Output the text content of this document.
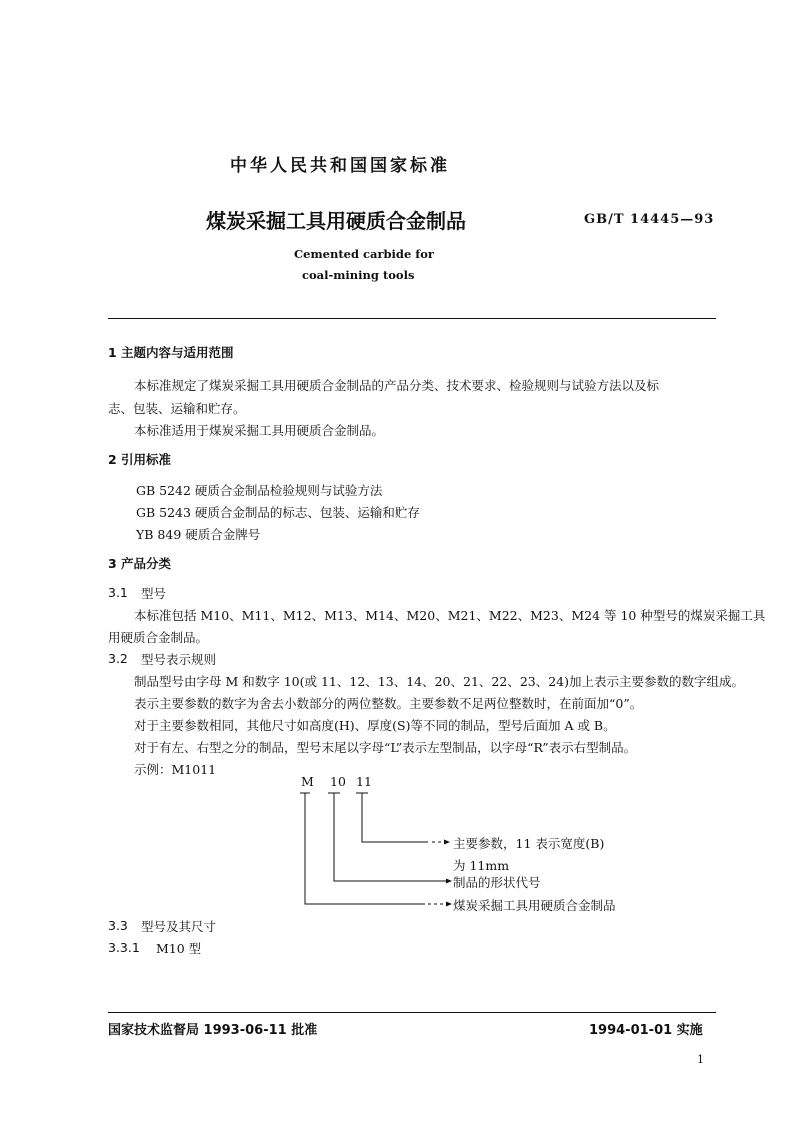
中华人民共和国国家标准
煤炭采掘工具用硬质合金制品	GB/T 14445—93
Cemented carbide for
coal-mining tools
1 主题内容与适用范围
本标准规定了煤炭采掘工具用硬质合金制品的产品分类、技术要求、检验规则与试验方法以及标
志、包装、运输和贮存。
本标准适用于煤炭采掘工具用硬质合金制品。
2 引用标准
GB 5242 硬质合金制品检验规则与试验方法
GB 5243 硬质合金制品的标志、包装、运输和贮存
YB 849 硬质合金牌号
3 产品分类
3.1 型号
本标准包括 M10、M11、M12、M13、M14、M20、M21、M22、M23、M24 等 10 种型号的煤炭采掘工具
用硬质合金制品。
3.2 型号表示规则
制品型号由字母 M 和数字 10(或 11、12、13、14、20、21、22、23、24)加上表示主要参数的数字组成。
表示主要参数的数字为舍去小数部分的两位整数。主要参数不足两位整数时，在前面加“0”。
对于主要参数相同，其他尺寸如高度(H)、厚度(S)等不同的制品，型号后面加 A 或 B。
对于有左、右型之分的制品，型号末尾以字母“L”表示左型制品，以字母“R”表示右型制品。
示例：M1011
M 10 11
主要参数，11 表示宽度(B)
为 11mm
制品的形状代号
煤炭采掘工具用硬质合金制品
3.3 型号及其尺寸
3.3.1 M10 型
国家技术监督局 1993-06-11 批准	1994-01-01 实施
1
